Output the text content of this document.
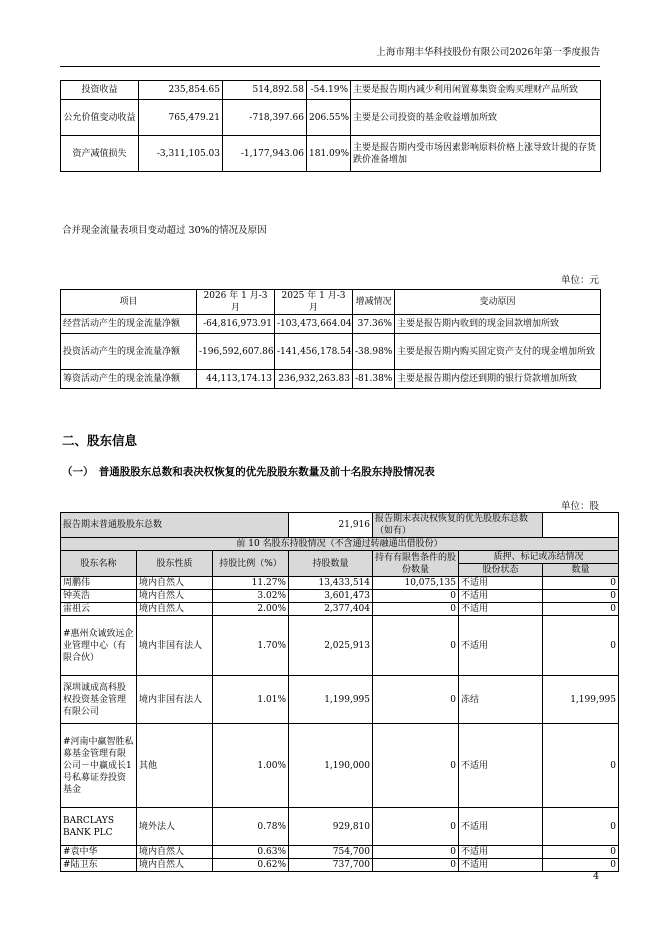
上海市翔丰华科技股份有限公司2026年第一季度报告
投资收益	235,854.65	514,892.58	-54.19%	主要是报告期内减少利用闲置募集资金购买理财产品所致
公允价值变动收益	765,479.21	-718,397.66	206.55%	主要是公司投资的基金收益增加所致
资产减值损失	-3,311,105.03	-1,177,943.06	181.09%	主要是报告期内受市场因素影响原料价格上涨导致计提的存货跌价准备增加
合并现金流量表项目变动超过 30%的情况及原因
单位：元
项目	2026 年 1 月-3 月	2025 年 1 月-3 月	增减情况	变动原因
经营活动产生的现金流量净额	-64,816,973.91	-103,473,664.04	37.36%	主要是报告期内收到的现金回款增加所致
投资活动产生的现金流量净额	-196,592,607.86	-141,456,178.54	-38.98%	主要是报告期内购买固定资产支付的现金增加所致
筹资活动产生的现金流量净额	44,113,174.13	236,932,263.83	-81.38%	主要是报告期内偿还到期的银行贷款增加所致
二、股东信息
（一）　普通股股东总数和表决权恢复的优先股股东数量及前十名股东持股情况表
单位：股
报告期末普通股股东总数			21,916	报告期末表决权恢复的优先股股东总数（如有）		
前 10 名股东持股情况（不含通过转融通出借股份）						
股东名称	股东性质	持股比例（%）	持股数量	持有有限售条件的股份数量	质押、标记或冻结情况	
					股份状态	数量
周鹏伟	境内自然人	11.27%	13,433,514	10,075,135	不适用	0
钟英浩	境内自然人	3.02%	3,601,473	0	不适用	0
雷祖云	境内自然人	2.00%	2,377,404	0	不适用	0
#惠州众诚致远企业管理中心（有限合伙）	境内非国有法人	1.70%	2,025,913	0	不适用	0
深圳诚成高科股权投资基金管理有限公司	境内非国有法人	1.01%	1,199,995	0	冻结	1,199,995
#河南中赢智胜私募基金管理有限公司－中赢成长1号私募证券投资基金	其他	1.00%	1,190,000	0	不适用	0
BARCLAYS BANK PLC	境外法人	0.78%	929,810	0	不适用	0
#袁中华	境内自然人	0.63%	754,700	0	不适用	0
#陆卫东	境内自然人	0.62%	737,700	0	不适用	0
4
